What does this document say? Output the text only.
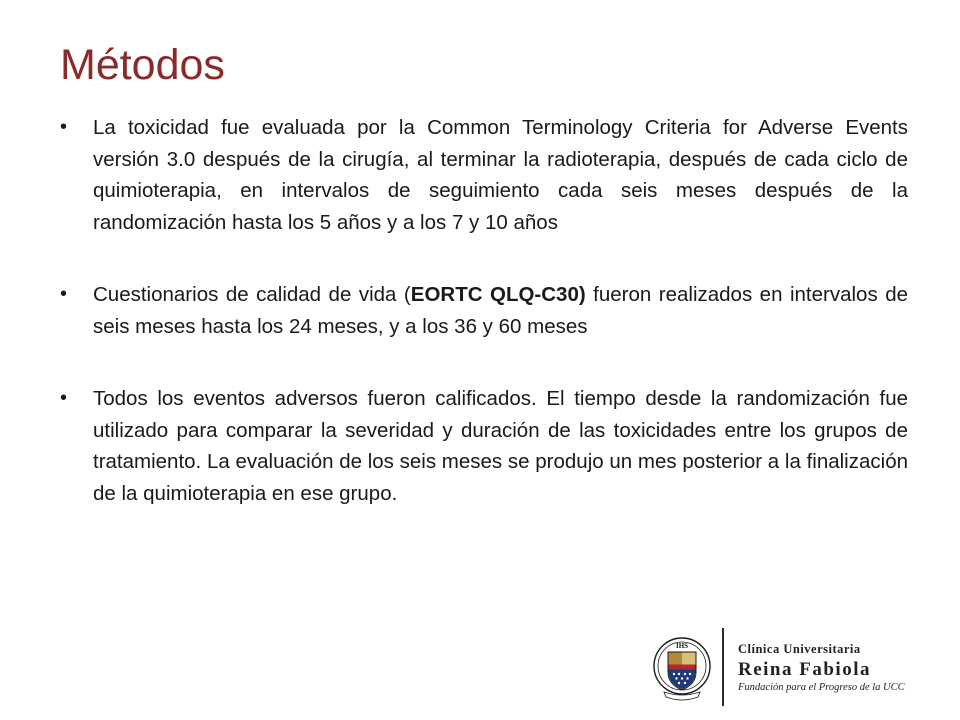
Métodos
• La toxicidad fue evaluada por la Common Terminology Criteria for Adverse Events versión 3.0 después de la cirugía, al terminar la radioterapia, después de cada ciclo de quimioterapia, en intervalos de seguimiento cada seis meses después de la randomización hasta los 5 años y a los 7 y 10 años
• Cuestionarios de calidad de vida (EORTC QLQ-C30) fueron realizados en intervalos de seis meses hasta los 24 meses, y a los 36 y 60 meses
• Todos los eventos adversos fueron calificados. El tiempo desde la randomización fue utilizado para comparar la severidad y duración de las toxicidades entre los grupos de tratamiento. La evaluación de los seis meses se produjo un mes posterior a la finalización de la quimioterapia en ese grupo.
IHS	Clínica Universitaria
Reina Fabiola
Fundación para el Progreso de la UCC
